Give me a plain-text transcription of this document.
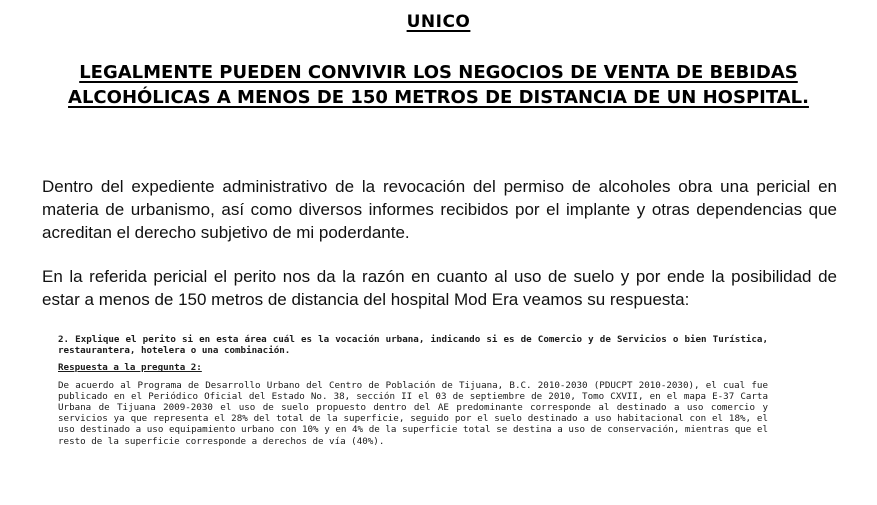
UNICO
LEGALMENTE PUEDEN CONVIVIR LOS NEGOCIOS DE VENTA DE BEBIDAS ALCOHÓLICAS A MENOS DE 150 METROS DE DISTANCIA DE UN HOSPITAL.

Dentro del expediente administrativo de la revocación del permiso de alcoholes obra una pericial en materia de urbanismo, así como diversos informes recibidos por el implante y otras dependencias que acreditan el derecho subjetivo de mi poderdante.

En la referida pericial el perito nos da la razón en cuanto al uso de suelo y por ende la posibilidad de estar a menos de 150 metros de distancia del hospital Mod Era veamos su respuesta:

2. Explique el perito si en esta área cuál es la vocación urbana, indicando si es de Comercio y de Servicios o bien Turística, restaurantera, hotelera o una combinación.

Respuesta a la pregunta 2:

De acuerdo al Programa de Desarrollo Urbano del Centro de Población de Tijuana, B.C. 2010-2030 (PDUCPT 2010-2030), el cual fue publicado en el Periódico Oficial del Estado No. 38, sección II el 03 de septiembre de 2010, Tomo CXVII, en el mapa E-37 Carta Urbana de Tijuana 2009-2030 el uso de suelo propuesto dentro del AE predominante corresponde al destinado a uso comercio y servicios ya que representa el 28% del total de la superficie, seguido por el suelo destinado a uso habitacional con el 18%, el uso destinado a uso equipamiento urbano con 10% y en 4% de la superficie total se destina a uso de conservación, mientras que el resto de la superficie corresponde a derechos de vía (40%).
